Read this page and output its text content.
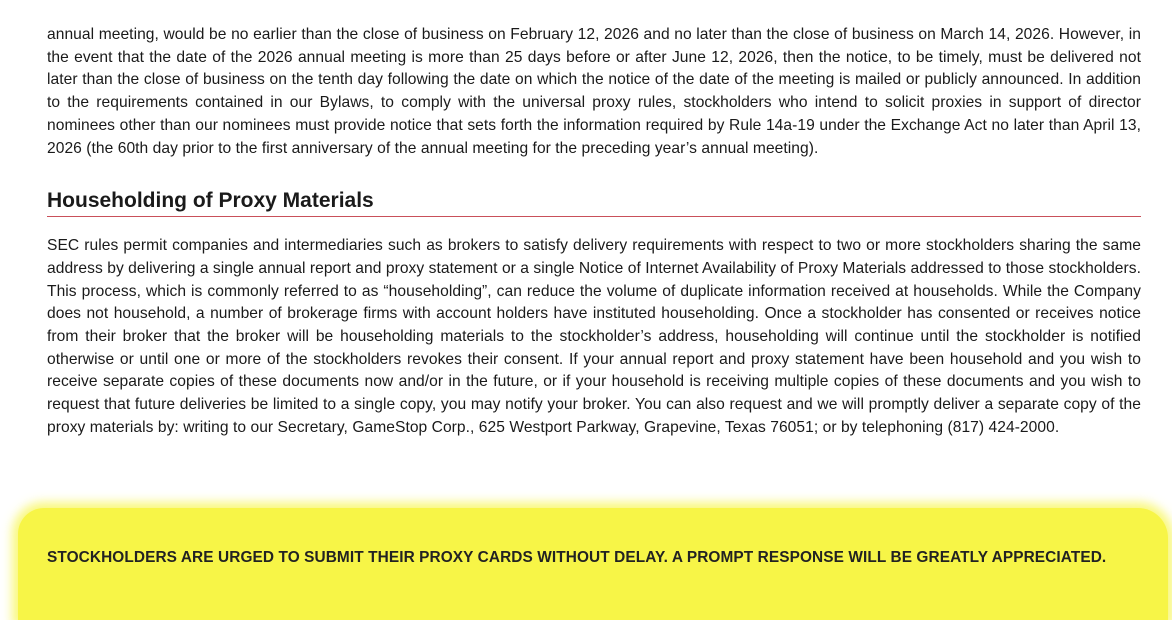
annual meeting, would be no earlier than the close of business on February 12, 2026 and no later than the close of business on March 14, 2026. However, in the event that the date of the 2026 annual meeting is more than 25 days before or after June 12, 2026, then the notice, to be timely, must be delivered not later than the close of business on the tenth day following the date on which the notice of the date of the meeting is mailed or publicly announced. In addition to the requirements contained in our Bylaws, to comply with the universal proxy rules, stockholders who intend to solicit proxies in support of director nominees other than our nominees must provide notice that sets forth the information required by Rule 14a-19 under the Exchange Act no later than April 13, 2026 (the 60th day prior to the first anniversary of the annual meeting for the preceding year’s annual meeting).

Householding of Proxy Materials

SEC rules permit companies and intermediaries such as brokers to satisfy delivery requirements with respect to two or more stockholders sharing the same address by delivering a single annual report and proxy statement or a single Notice of Internet Availability of Proxy Materials addressed to those stockholders. This process, which is commonly referred to as “householding”, can reduce the volume of duplicate information received at households. While the Company does not household, a number of brokerage firms with account holders have instituted householding. Once a stockholder has consented or receives notice from their broker that the broker will be householding materials to the stockholder’s address, householding will continue until the stockholder is notified otherwise or until one or more of the stockholders revokes their consent. If your annual report and proxy statement have been household and you wish to receive separate copies of these documents now and/or in the future, or if your household is receiving multiple copies of these documents and you wish to request that future deliveries be limited to a single copy, you may notify your broker. You can also request and we will promptly deliver a separate copy of the proxy materials by: writing to our Secretary, GameStop Corp., 625 Westport Parkway, Grapevine, Texas 76051; or by telephoning (817) 424-2000.

STOCKHOLDERS ARE URGED TO SUBMIT THEIR PROXY CARDS WITHOUT DELAY. A PROMPT RESPONSE WILL BE GREATLY APPRECIATED.
